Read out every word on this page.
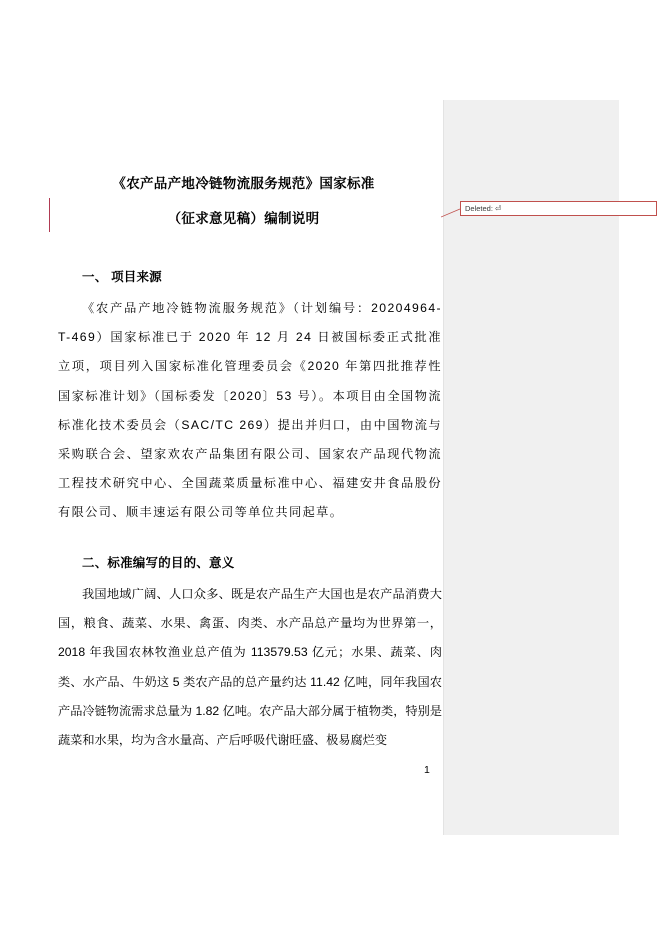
《农产品产地冷链物流服务规范》国家标准
（征求意见稿）编制说明
Deleted: ⏎
一、 项目来源
《农产品产地冷链物流服务规范》（计划编号：20204964-T-469）国家标准已于 2020 年 12 月 24 日被国标委正式批准立项，项目列入国家标准化管理委员会《2020 年第四批推荐性国家标准计划》（国标委发〔2020〕53 号）。本项目由全国物流标准化技术委员会（SAC/TC 269）提出并归口，由中国物流与采购联合会、望家欢农产品集团有限公司、国家农产品现代物流工程技术研究中心、全国蔬菜质量标准中心、福建安井食品股份有限公司、顺丰速运有限公司等单位共同起草。
二、标准编写的目的、意义
我国地域广阔、人口众多、既是农产品生产大国也是农产品消费大国，粮食、蔬菜、水果、禽蛋、肉类、水产品总产量均为世界第一，2018 年我国农林牧渔业总产值为 113579.53 亿元；水果、蔬菜、肉类、水产品、牛奶这 5 类农产品的总产量约达 11.42 亿吨，同年我国农产品冷链物流需求总量为 1.82 亿吨。农产品大部分属于植物类，特别是蔬菜和水果，均为含水量高、产后呼吸代谢旺盛、极易腐烂变
1
